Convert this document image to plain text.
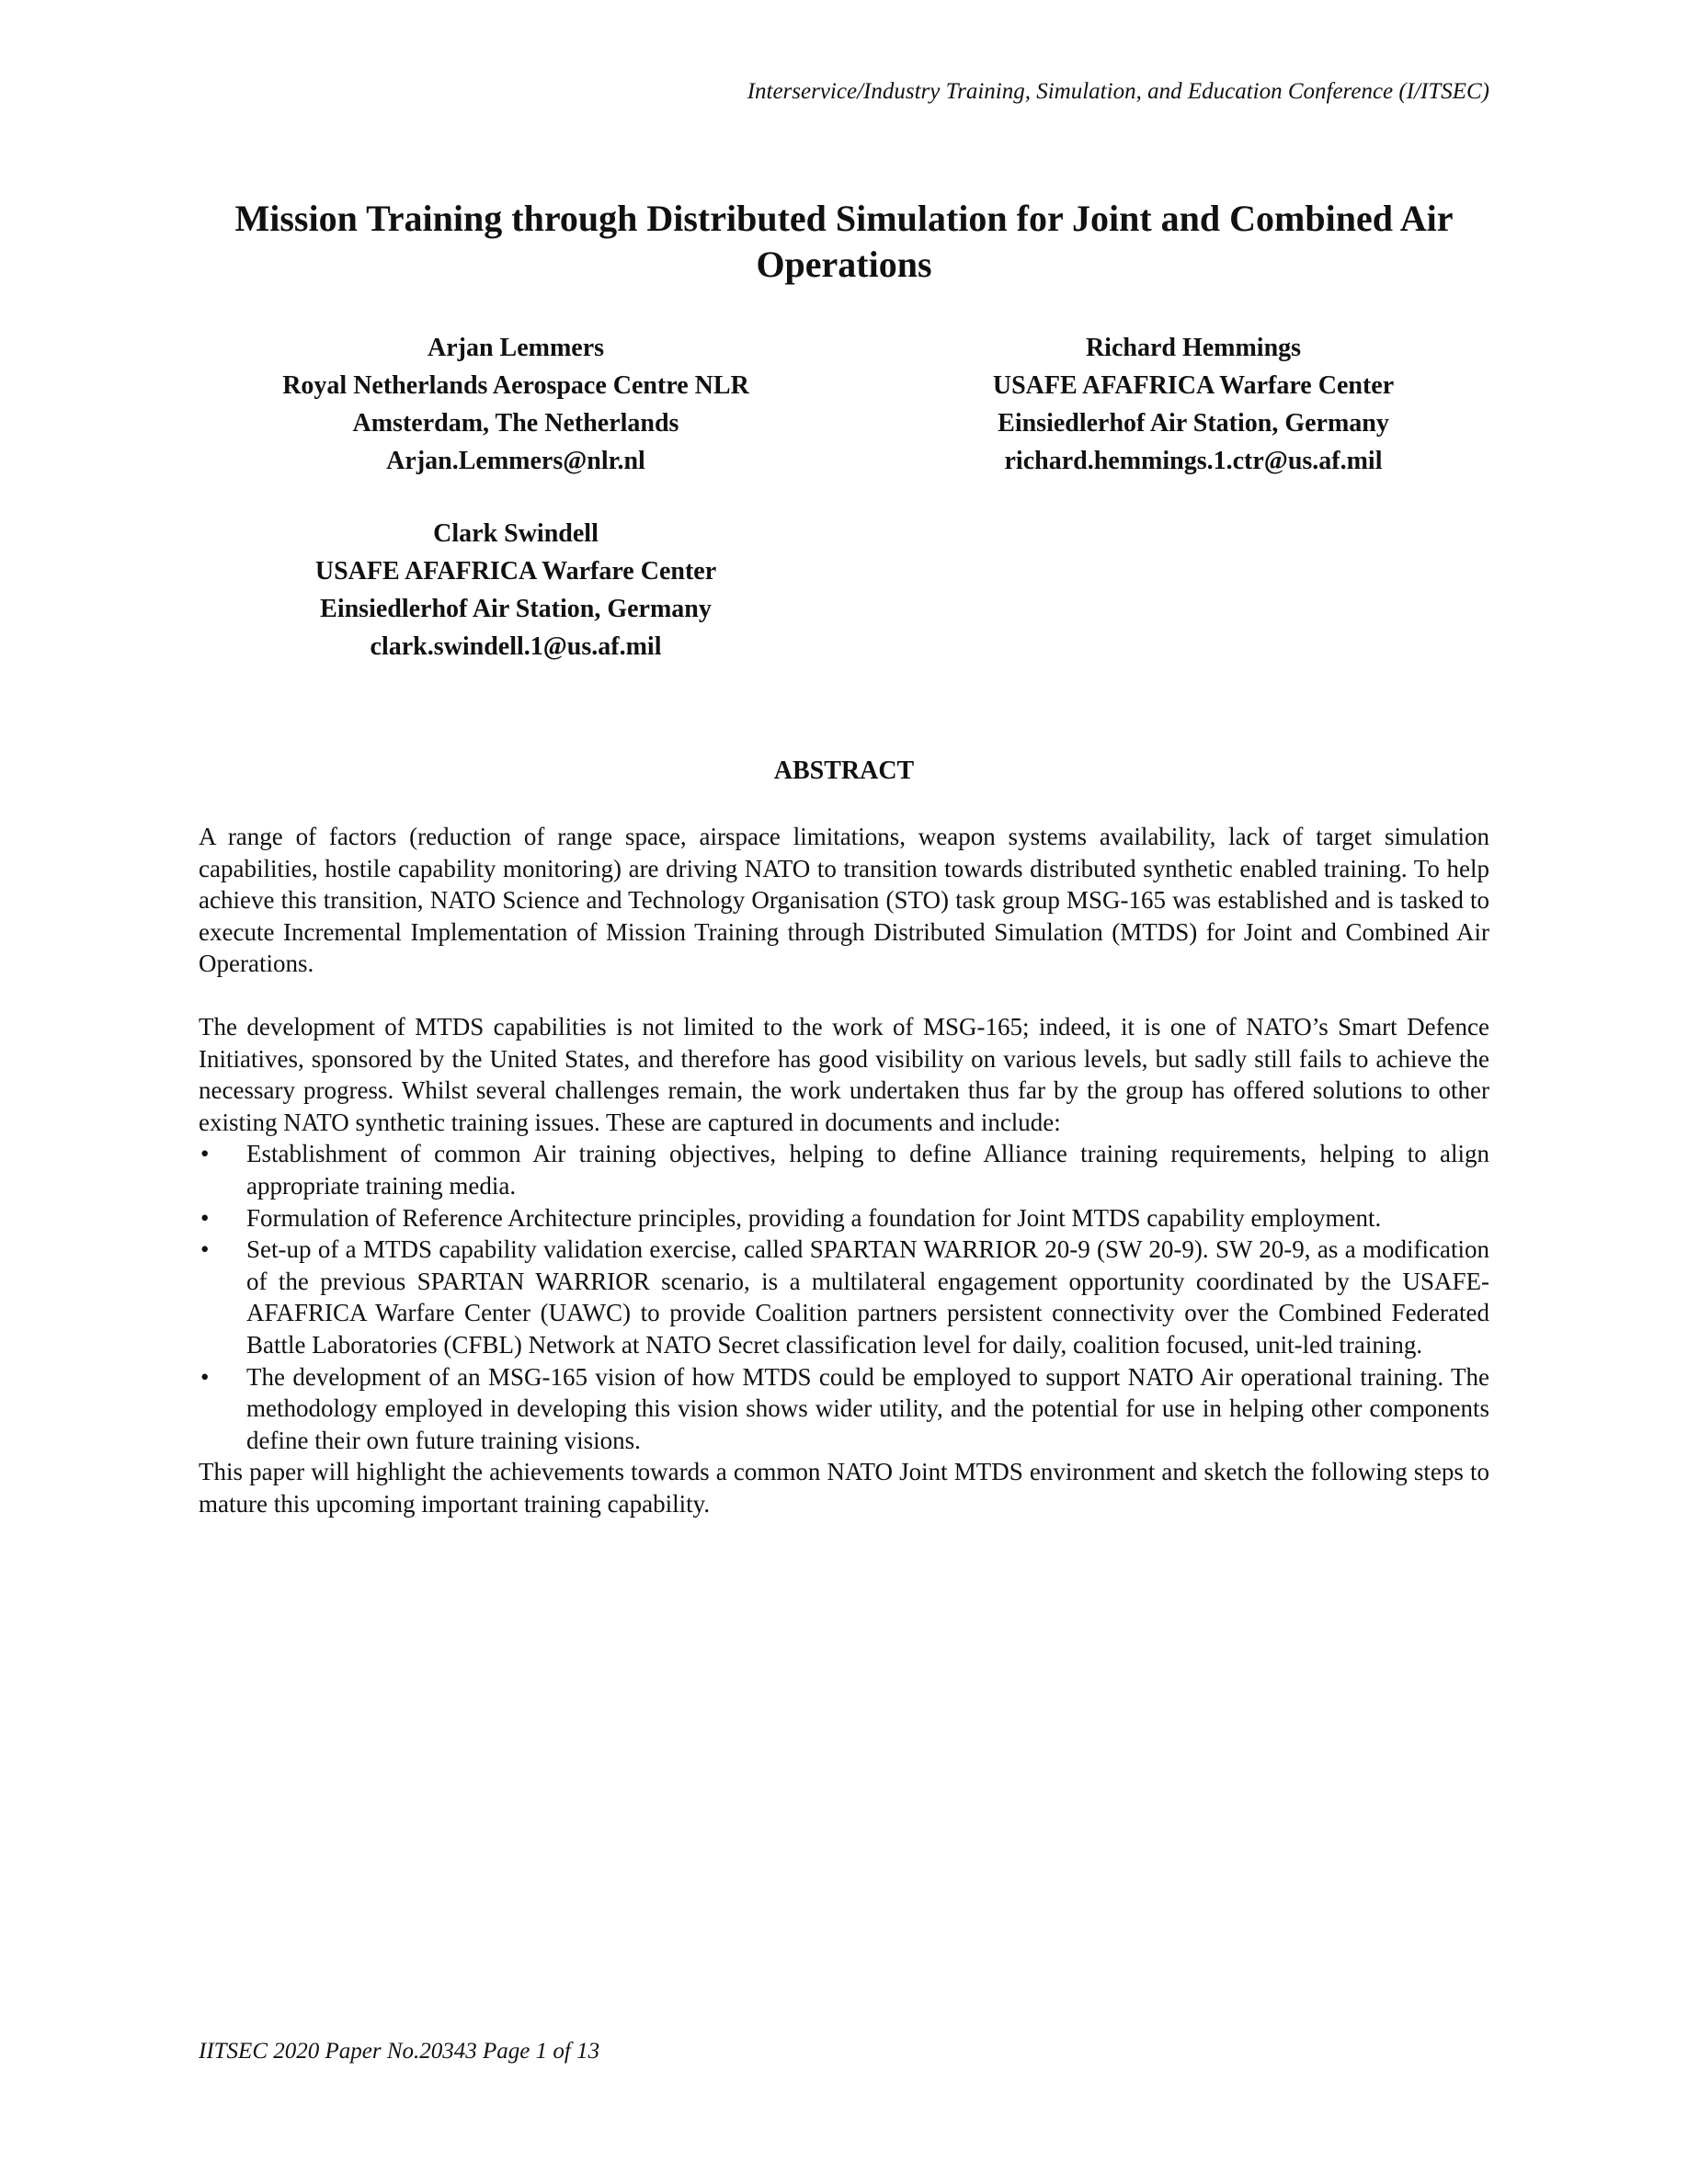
Interservice/Industry Training, Simulation, and Education Conference (I/ITSEC)
Mission Training through Distributed Simulation for Joint and Combined Air Operations
Arjan Lemmers
Royal Netherlands Aerospace Centre NLR
Amsterdam, The Netherlands
Arjan.Lemmers@nlr.nl
Richard Hemmings
USAFE AFAFRICA Warfare Center
Einsiedlerhof Air Station, Germany
richard.hemmings.1.ctr@us.af.mil
Clark Swindell
USAFE AFAFRICA Warfare Center
Einsiedlerhof Air Station, Germany
clark.swindell.1@us.af.mil
ABSTRACT

A range of factors (reduction of range space, airspace limitations, weapon systems availability, lack of target simulation capabilities, hostile capability monitoring) are driving NATO to transition towards distributed synthetic enabled training. To help achieve this transition, NATO Science and Technology Organisation (STO) task group MSG-165 was established and is tasked to execute Incremental Implementation of Mission Training through Distributed Simulation (MTDS) for Joint and Combined Air Operations.

The development of MTDS capabilities is not limited to the work of MSG-165; indeed, it is one of NATO’s Smart Defence Initiatives, sponsored by the United States, and therefore has good visibility on various levels, but sadly still fails to achieve the necessary progress. Whilst several challenges remain, the work undertaken thus far by the group has offered solutions to other existing NATO synthetic training issues. These are captured in documents and include:

• Establishment of common Air training objectives, helping to define Alliance training requirements, helping to align appropriate training media.
• Formulation of Reference Architecture principles, providing a foundation for Joint MTDS capability employment.
• Set-up of a MTDS capability validation exercise, called SPARTAN WARRIOR 20-9 (SW 20-9). SW 20-9, as a modification of the previous SPARTAN WARRIOR scenario, is a multilateral engagement opportunity coordinated by the USAFE-AFAFRICA Warfare Center (UAWC) to provide Coalition partners persistent connectivity over the Combined Federated Battle Laboratories (CFBL) Network at NATO Secret classification level for daily, coalition focused, unit-led training.
• The development of an MSG-165 vision of how MTDS could be employed to support NATO Air operational training. The methodology employed in developing this vision shows wider utility, and the potential for use in helping other components define their own future training visions.

This paper will highlight the achievements towards a common NATO Joint MTDS environment and sketch the following steps to mature this upcoming important training capability.

IITSEC 2020 Paper No.20343 Page 1 of 13
